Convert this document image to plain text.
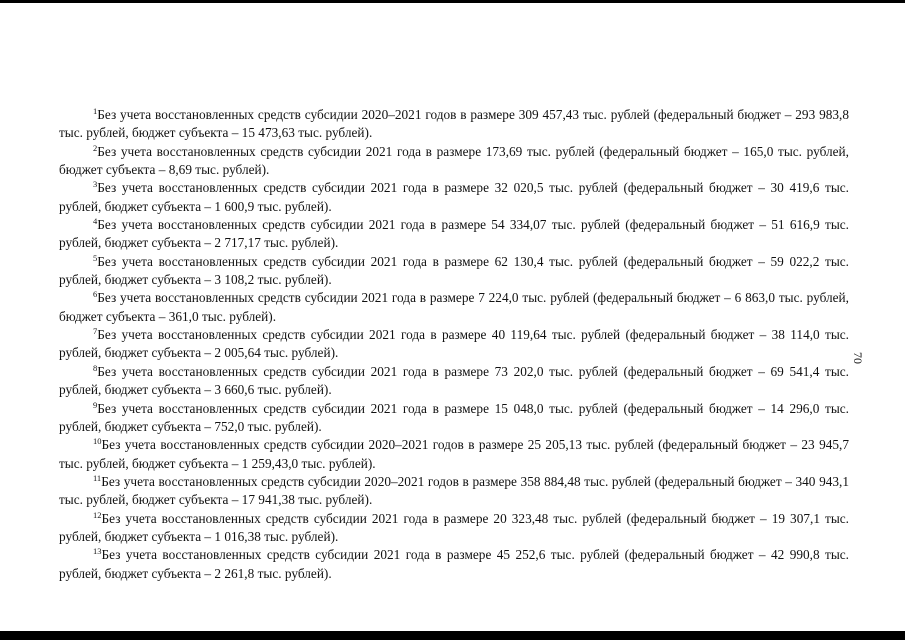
$^1$Без учета восстановленных средств субсидии 2020–2021 годов в размере 309 457,43 тыс. рублей (федеральный бюджет – 293 983,8 тыс. рублей, бюджет субъекта – 15 473,63 тыс. рублей).

$^2$Без учета восстановленных средств субсидии 2021 года в размере 173,69 тыс. рублей (федеральный бюджет – 165,0 тыс. рублей, бюджет субъекта – 8,69 тыс. рублей).

$^3$Без учета восстановленных средств субсидии 2021 года в размере 32 020,5 тыс. рублей (федеральный бюджет – 30 419,6 тыс. рублей, бюджет субъекта – 1 600,9 тыс. рублей).

$^4$Без учета восстановленных средств субсидии 2021 года в размере 54 334,07 тыс. рублей (федеральный бюджет – 51 616,9 тыс. рублей, бюджет субъекта – 2 717,17 тыс. рублей).

$^5$Без учета восстановленных средств субсидии 2021 года в размере 62 130,4 тыс. рублей (федеральный бюджет – 59 022,2 тыс. рублей, бюджет субъекта – 3 108,2 тыс. рублей).

$^6$Без учета восстановленных средств субсидии 2021 года в размере 7 224,0 тыс. рублей (федеральный бюджет – 6 863,0 тыс. рублей, бюджет субъекта – 361,0 тыс. рублей).

$^7$Без учета восстановленных средств субсидии 2021 года в размере 40 119,64 тыс. рублей (федеральный бюджет – 38 114,0 тыс. рублей, бюджет субъекта – 2 005,64 тыс. рублей).

$^8$Без учета восстановленных средств субсидии 2021 года в размере 73 202,0 тыс. рублей (федеральный бюджет – 69 541,4 тыс. рублей, бюджет субъекта – 3 660,6 тыс. рублей).

$^9$Без учета восстановленных средств субсидии 2021 года в размере 15 048,0 тыс. рублей (федеральный бюджет – 14 296,0 тыс. рублей, бюджет субъекта – 752,0 тыс. рублей).

$^{10}$Без учета восстановленных средств субсидии 2020–2021 годов в размере 25 205,13 тыс. рублей (федеральный бюджет – 23 945,7 тыс. рублей, бюджет субъекта – 1 259,43,0 тыс. рублей).

$^{11}$Без учета восстановленных средств субсидии 2020–2021 годов в размере 358 884,48 тыс. рублей (федеральный бюджет – 340 943,1 тыс. рублей, бюджет субъекта – 17 941,38 тыс. рублей).

$^{12}$Без учета восстановленных средств субсидии 2021 года в размере 20 323,48 тыс. рублей (федеральный бюджет – 19 307,1 тыс. рублей, бюджет субъекта – 1 016,38 тыс. рублей).

$^{13}$Без учета восстановленных средств субсидии 2021 года в размере 45 252,6 тыс. рублей (федеральный бюджет – 42 990,8 тыс. рублей, бюджет субъекта – 2 261,8 тыс. рублей).

70
